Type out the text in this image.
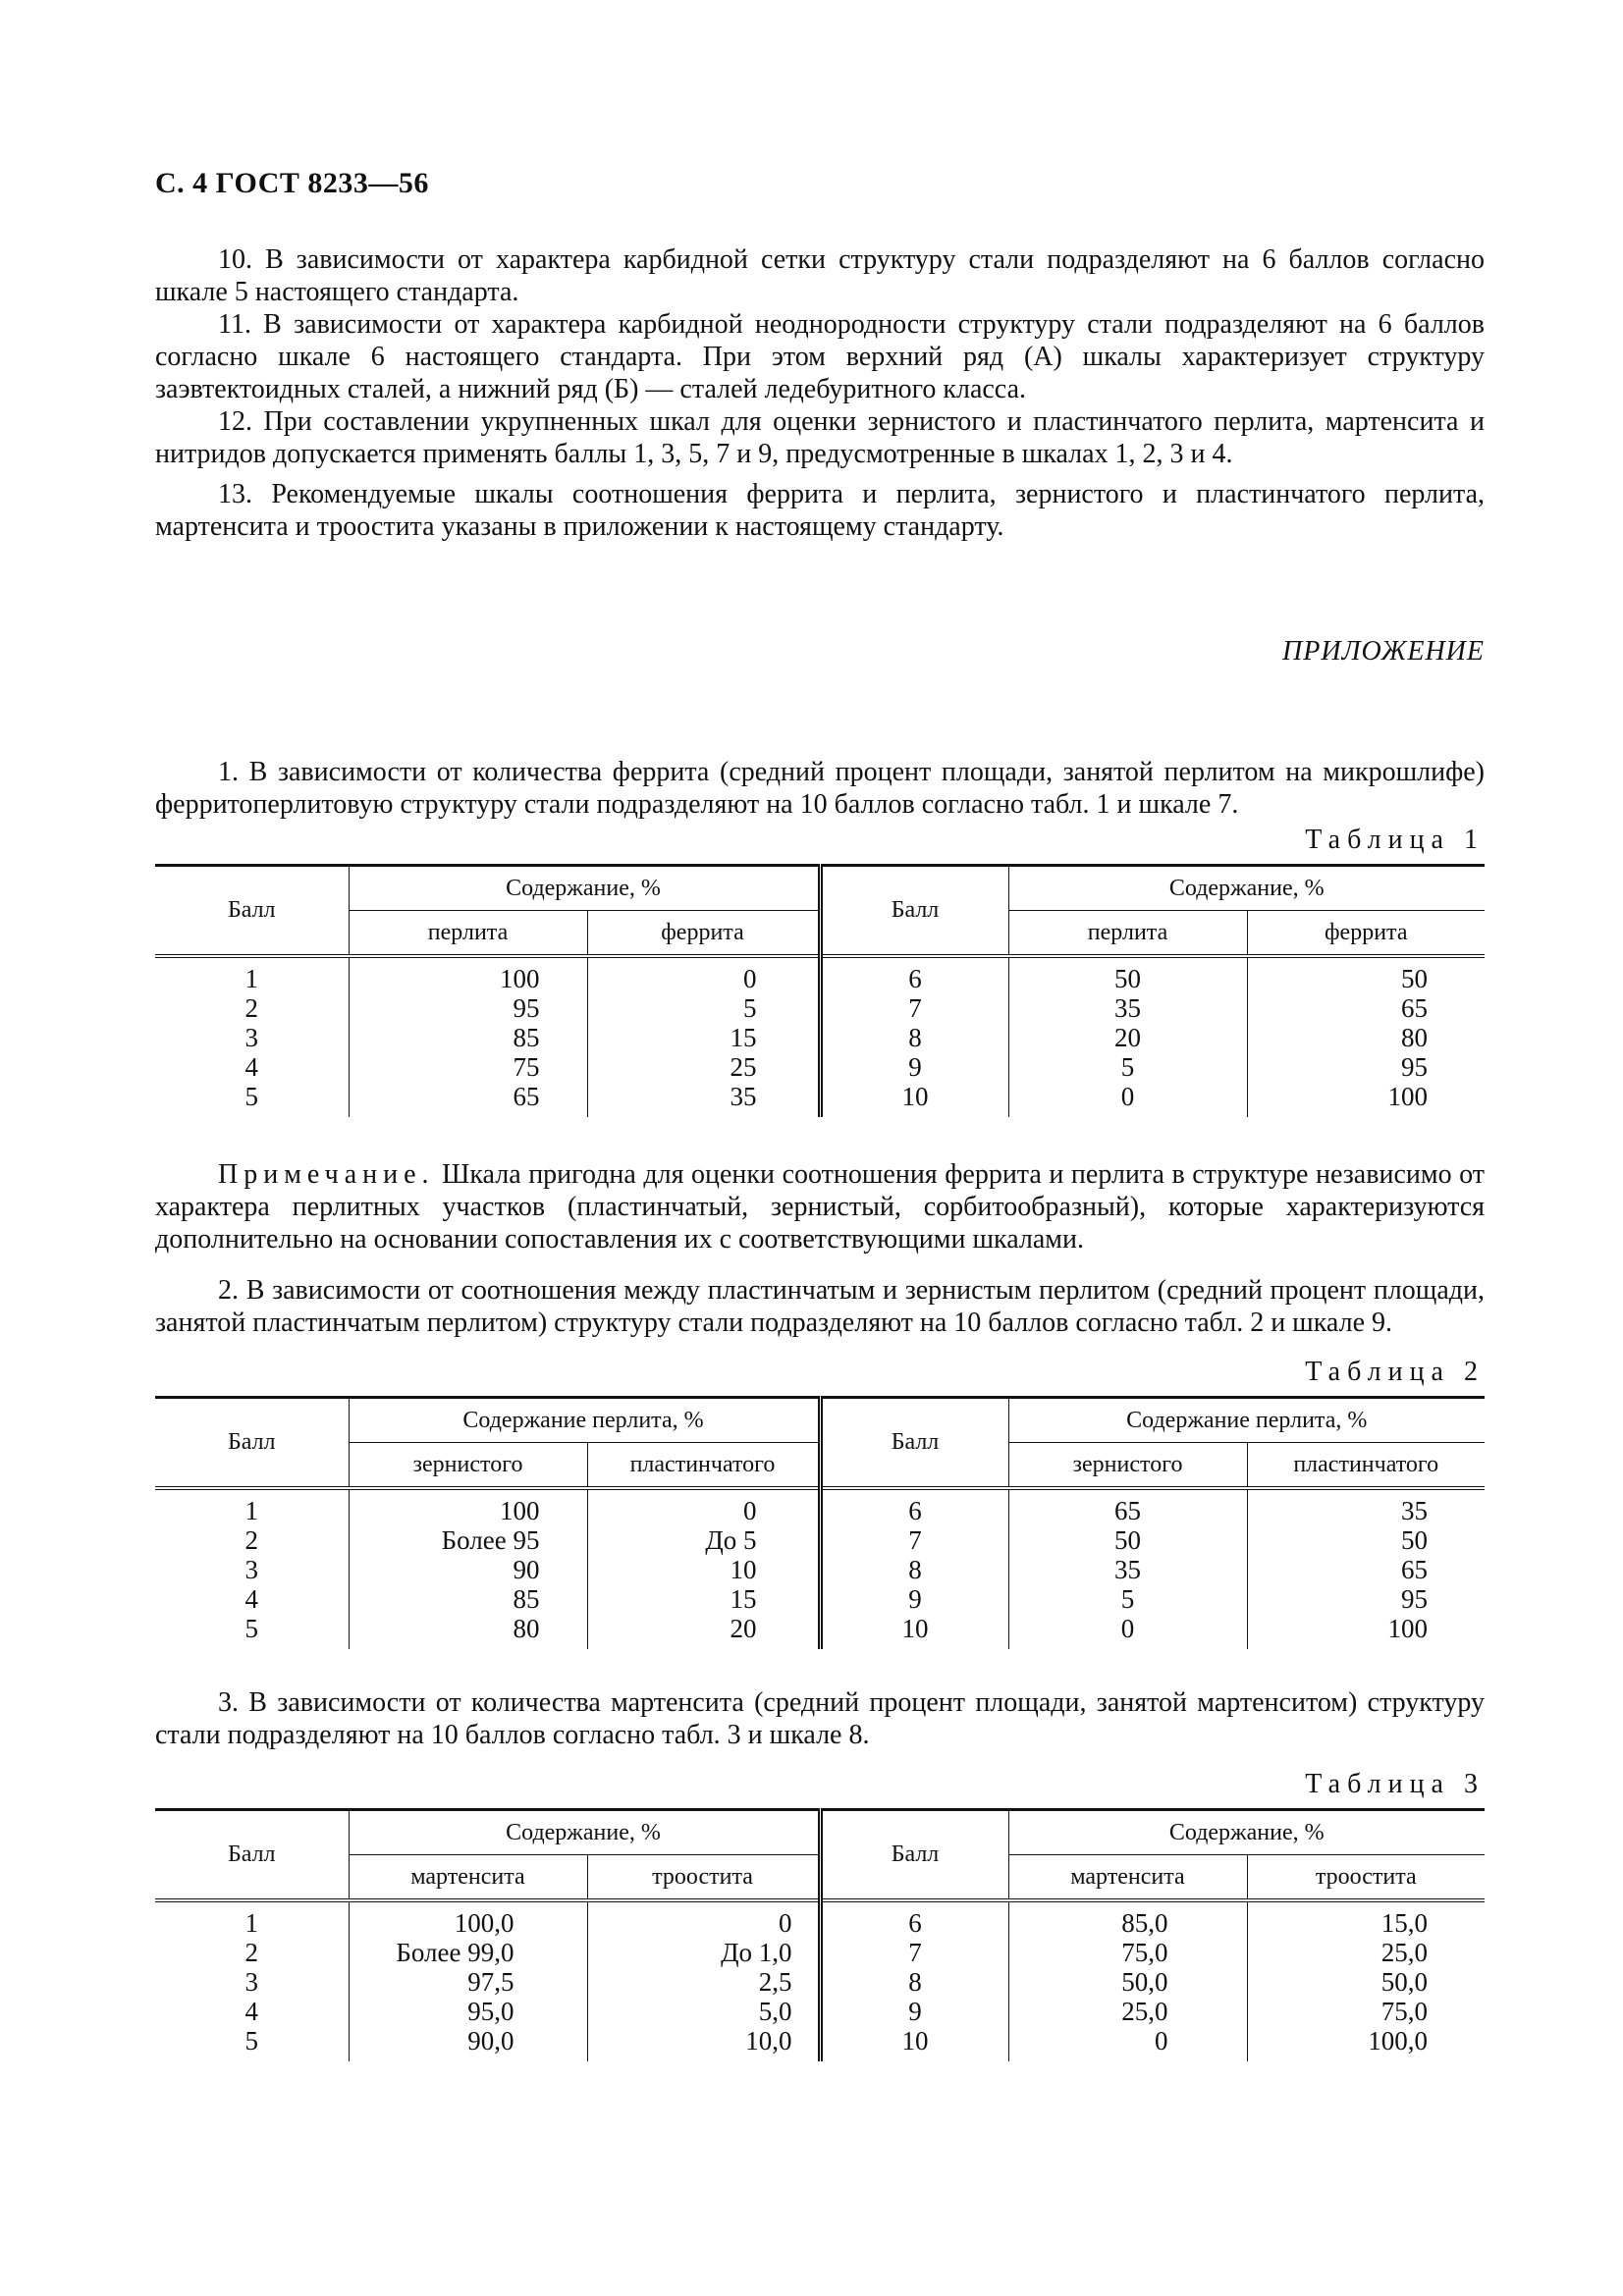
С. 4 ГОСТ 8233—56

10. В зависимости от характера карбидной сетки структуру стали подразделяют на 6 баллов согласно шкале 5 настоящего стандарта.

11. В зависимости от характера карбидной неоднородности структуру стали подразделяют на 6 баллов согласно шкале 6 настоящего стандарта. При этом верхний ряд (А) шкалы характеризует структуру заэвтектоидных сталей, а нижний ряд (Б) — сталей ледебуритного класса.

12. При составлении укрупненных шкал для оценки зернистого и пластинчатого перлита, мартенсита и нитридов допускается применять баллы 1, 3, 5, 7 и 9, предусмотренные в шкалах 1, 2, 3 и 4.

13. Рекомендуемые шкалы соотношения феррита и перлита, зернистого и пластинчатого перлита, мартенсита и троостита указаны в приложении к настоящему стандарту.

ПРИЛОЖЕНИЕ

1. В зависимости от количества феррита (средний процент площади, занятой перлитом на микрошлифе) ферритоперлитовую структуру стали подразделяют на 10 баллов согласно табл. 1 и шкале 7.

Таблица 1
Балл	Содержание, %		Балл	Содержание, %	
	перлита	феррита		перлита	феррита
1	100	0	6	50	50
2	95	5	7	35	65
3	85	15	8	20	80
4	75	25	9	5	95
5	65	35	10	0	100

Примечание. Шкала пригодна для оценки соотношения феррита и перлита в структуре независимо от характера перлитных участков (пластинчатый, зернистый, сорбитообразный), которые характеризуются дополнительно на основании сопоставления их с соответствующими шкалами.

2. В зависимости от соотношения между пластинчатым и зернистым перлитом (средний процент площади, занятой пластинчатым перлитом) структуру стали подразделяют на 10 баллов согласно табл. 2 и шкале 9.

Таблица 2
Балл	Содержание перлита, %		Балл	Содержание перлита, %	
	зернистого	пластинчатого		зернистого	пластинчатого
1	100	0	6	65	35
2	Более 95	До 5	7	50	50
3	90	10	8	35	65
4	85	15	9	5	95
5	80	20	10	0	100

3. В зависимости от количества мартенсита (средний процент площади, занятой мартенситом) структуру стали подразделяют на 10 баллов согласно табл. 3 и шкале 8.

Таблица 3
Балл	Содержание, %		Балл	Содержание, %	
	мартенсита	троостита		мартенсита	троостита
1	100,0	0	6	85,0	15,0
2	Более 99,0	До 1,0	7	75,0	25,0
3	97,5	2,5	8	50,0	50,0
4	95,0	5,0	9	25,0	75,0
5	90,0	10,0	10	0	100,0
